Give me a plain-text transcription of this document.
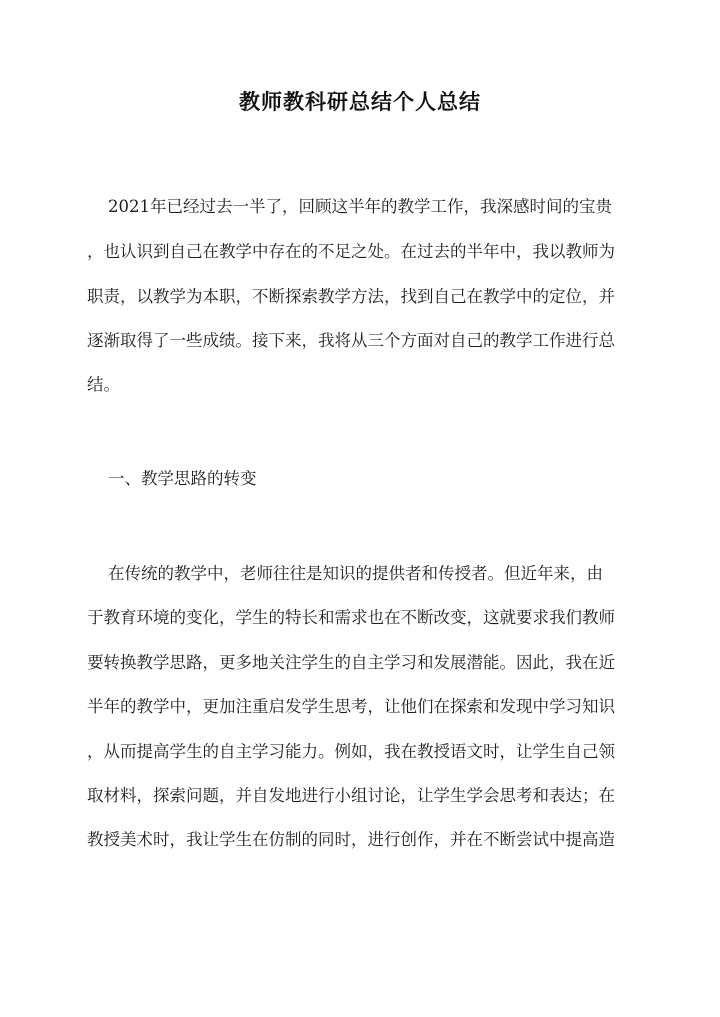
教师教科研总结个人总结

2021年已经过去一半了，回顾这半年的教学工作，我深感时间的宝贵

，也认识到自己在教学中存在的不足之处。在过去的半年中，我以教师为

职责，以教学为本职，不断探索教学方法，找到自己在教学中的定位，并

逐渐取得了一些成绩。接下来，我将从三个方面对自己的教学工作进行总

结。

一、教学思路的转变

在传统的教学中，老师往往是知识的提供者和传授者。但近年来，由

于教育环境的变化，学生的特长和需求也在不断改变，这就要求我们教师

要转换教学思路，更多地关注学生的自主学习和发展潜能。因此，我在近

半年的教学中，更加注重启发学生思考，让他们在探索和发现中学习知识

，从而提高学生的自主学习能力。例如，我在教授语文时，让学生自己领

取材料，探索问题，并自发地进行小组讨论，让学生学会思考和表达；在

教授美术时，我让学生在仿制的同时，进行创作，并在不断尝试中提高造
